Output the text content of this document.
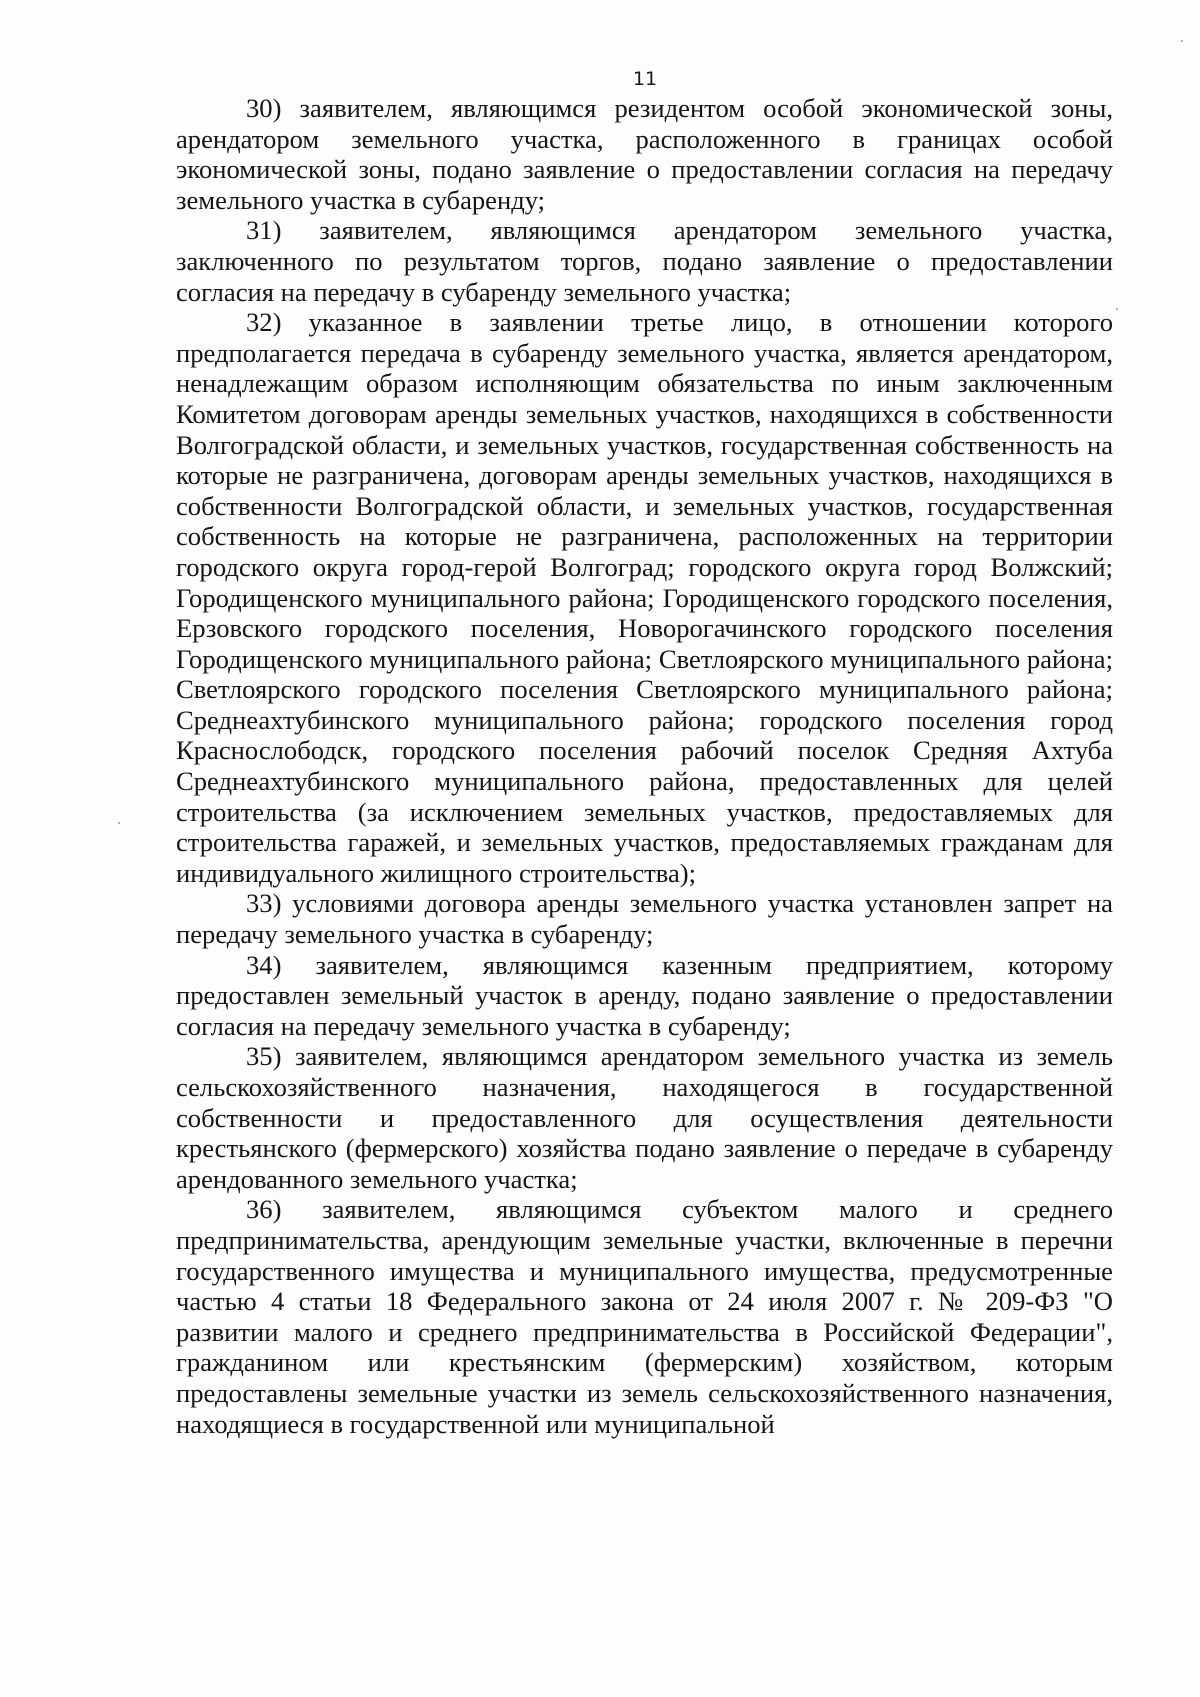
11

30) заявителем, являющимся резидентом особой экономической зоны, арендатором земельного участка, расположенного в границах особой экономической зоны, подано заявление о предоставлении согласия на передачу земельного участка в субаренду;

31) заявителем, являющимся арендатором земельного участка, заключенного по результатом торгов, подано заявление о предоставлении согласия на передачу в субаренду земельного участка;

32) указанное в заявлении третье лицо, в отношении которого предполагается передача в субаренду земельного участка, является арендатором, ненадлежащим образом исполняющим обязательства по иным заключенным Комитетом договорам аренды земельных участков, находящихся в собственности Волгоградской области, и земельных участков, государственная собственность на которые не разграничена, договорам аренды земельных участков, находящихся в собственности Волгоградской области, и земельных участков, государственная собственность на которые не разграничена, расположенных на территории городского округа город-герой Волгоград; городского округа город Волжский; Городищенского муниципального района; Городищенского городского поселения, Ерзовского городского поселения, Новорогачинского городского поселения Городищенского муниципального района; Светлоярского муниципального района; Светлоярского городского поселения Светлоярского муниципального района; Среднеахтубинского муниципального района; городского поселения город Краснослободск, городского поселения рабочий поселок Средняя Ахтуба Среднеахтубинского муниципального района, предоставленных для целей строительства (за исключением земельных участков, предоставляемых для строительства гаражей, и земельных участков, предоставляемых гражданам для индивидуального жилищного строительства);

33) условиями договора аренды земельного участка установлен запрет на передачу земельного участка в субаренду;

34) заявителем, являющимся казенным предприятием, которому предоставлен земельный участок в аренду, подано заявление о предоставлении согласия на передачу земельного участка в субаренду;

35) заявителем, являющимся арендатором земельного участка из земель сельскохозяйственного назначения, находящегося в государственной собственности и предоставленного для осуществления деятельности крестьянского (фермерского) хозяйства подано заявление о передаче в субаренду арендованного земельного участка;

36) заявителем, являющимся субъектом малого и среднего предпринимательства, арендующим земельные участки, включенные в перечни государственного имущества и муниципального имущества, предусмотренные частью 4 статьи 18 Федерального закона от 24 июля 2007 г. № 209-ФЗ "О развитии малого и среднего предпринимательства в Российской Федерации", гражданином или крестьянским (фермерским) хозяйством, которым предоставлены земельные участки из земель сельскохозяйственного назначения, находящиеся в государственной или муниципальной
